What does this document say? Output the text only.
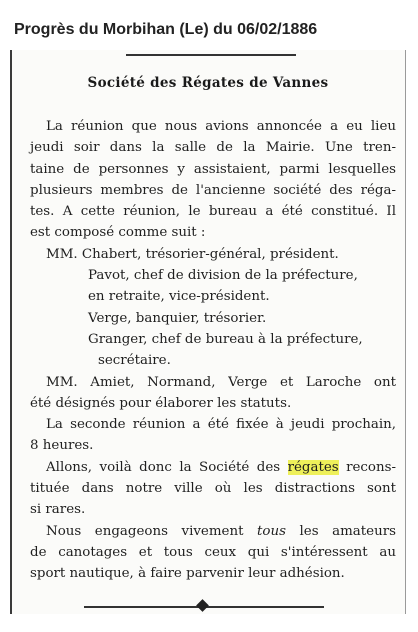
Progrès du Morbihan (Le) du 06/02/1886
Société des Régates de Vannes
La réunion que nous avions annoncée a eu lieu
jeudi soir dans la salle de la Mairie. Une tren-
taine de personnes y assistaient, parmi lesquelles
plusieurs membres de l'ancienne société des réga-
tes. A cette réunion, le bureau a été constitué. Il
est composé comme suit :
MM. Chabert, trésorier-général, président.
Pavot, chef de division de la préfecture,
en retraite, vice-président.
Verge, banquier, trésorier.
Granger, chef de bureau à la préfecture,
secrétaire.
MM. Amiet, Normand, Verge et Laroche ont
été désignés pour élaborer les statuts.
La seconde réunion a été fixée à jeudi prochain,
8 heures.
Allons, voilà donc la Société des régates recons-
tituée dans notre ville où les distractions sont
si rares.
Nous engageons vivement tous les amateurs
de canotages et tous ceux qui s'intéressent au
sport nautique, à faire parvenir leur adhésion.
